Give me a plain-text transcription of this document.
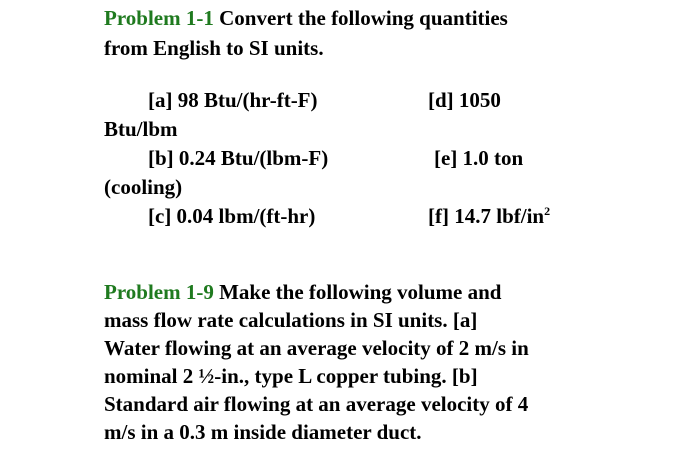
Problem 1-1 Convert the following quantities
from English to SI units.
[a] 98 Btu/(hr-ft-F)	[d] 1050
Btu/lbm
[b] 0.24 Btu/(lbm-F)	[e] 1.0 ton
(cooling)
[c] 0.04 lbm/(ft-hr)	[f] 14.7 lbf/$in^2$
Problem 1-9 Make the following volume and
mass flow rate calculations in SI units. [a]
Water flowing at an average velocity of 2 m/s in
nominal 2 ½-in., type L copper tubing. [b]
Standard air flowing at an average velocity of 4
m/s in a 0.3 m inside diameter duct.
